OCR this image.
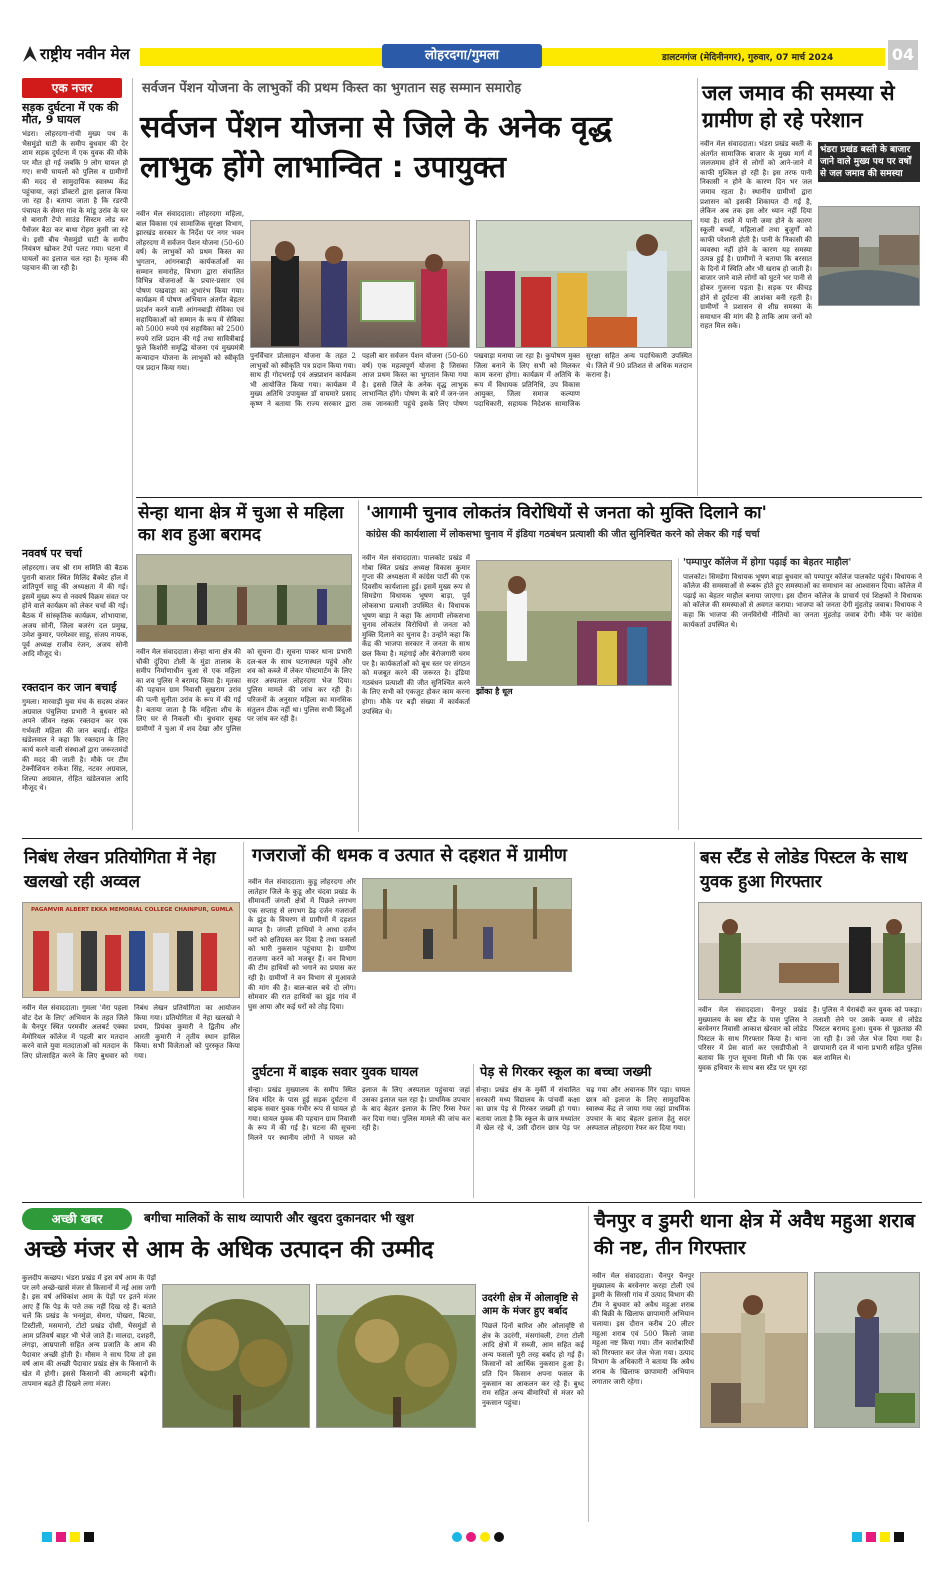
राष्ट्रीय नवीन मेल	लोहरदगा/गुमला	डालटनगंज (मेदिनीनगर), गुरुवार, 07 मार्च 2024	04
एक नजर
सड़क दुर्घटना में एक की मौत, 9 घायल
भंडरा। लोहरदगा-रांची मुख्य पथ के भैसमुंडो घाटी के समीप बुधवार की देर शाम सड़क दुर्घटना में एक युवक की मौके पर मौत हो गई जबकि 9 लोग घायल हो गए। सभी घायलों को पुलिस व ग्रामीणों की मदद से सामुदायिक स्वास्थ्य केंद्र पहुंचाया, जहां डॉक्टरों द्वारा इलाज किया जा रहा है। बताया जाता है कि रडरपी पंचायत के सेमरा गांव के मांडू उरांव के घर से बाराती टेंपो साउंड सिस्टम लोड कर पैसेंजर बैठा कर बाथा रोहरा कुसी जा रहे थे। इसी बीच भैसमुंडो घाटी के समीप नियंत्रण खोकर टेंपो पलट गया। घटना में घायलों का इलाज चल रहा है। मृतक की पहचान की जा रही है।
नववर्ष पर चर्चा
लोहरदगा। जय श्री राम समिति की बैठक पुरानी बाजार स्थित मिलिंद बैंक्वेट हॉल में शांतिपूर्ण साहू की अध्यक्षता में की गई। इसमें मुख्य रूप से नववर्ष विक्रम संवत पर होने वाले कार्यक्रम को लेकर चर्चा की गई। बैठक में सांस्कृतिक कार्यक्रम, शोभायात्रा, अजय सोनी, जिला बजरंग दल प्रमुख, उमेश कुमार, परमेश्वर साहू, संजय नायक, पूर्व अध्यक्ष राजीव रंजन, अजय सोनी आदि मौजूद थे।
रक्तदान कर जान बचाई
गुमला। मारवाड़ी युवा मंच के सदस्य शंकर अग्रवाल पंचुलिया प्रभारी ने बुधवार को अपने जीवन रक्षक रक्तदान कर एक गर्भवती महिला की जान बचाई। रोहित खंडेलवाल ने कहा कि रक्तदान के लिए कार्य करने वाली संस्थाओं द्वारा जरूरतमंदों की मदद की जाती है। मौके पर टीम टेक्नीशियन राकेश सिंह, नटवर अग्रवाल, शिल्पा अग्रवाल, रोहित खंडेलवाल आदि मौजूद थे।
सर्वजन पेंशन योजना के लाभुकों की प्रथम किस्त का भुगतान सह सम्मान समारोह
सर्वजन पेंशन योजना से जिले के अनेक वृद्ध लाभुक होंगे लाभान्वित : उपायुक्त
नवीन मेल संवाददाता। लोहरदगा महिला, बाल विकास एवं सामाजिक सुरक्षा विभाग, झारखंड सरकार के निर्देश पर नगर भवन लोहरदगा में सर्वजन पेंशन योजना (50-60 वर्ष) के लाभुकों को प्रथम किस्त का भुगतान, आंगनबाड़ी कार्यकर्ताओं का सम्मान समारोह, विभाग द्वारा संचालित विभिन्न योजनाओं के प्रचार-प्रसार एवं पोषण पखवाड़ा का शुभारंभ किया गया। कार्यक्रम में पोषण अभियान अंतर्गत बेहतर प्रदर्शन करने वाली आंगनबाड़ी सेविका एवं सहायिकाओं को सम्मान के रूप में सेविका को 5000 रुपये एवं सहायिका को 2500 रुपये राशि प्रदान की गई तथा सावित्रीबाई फुले किशोरी समृद्धि योजना एवं मुख्यमंत्री कन्यादान योजना के लाभुकों को स्वीकृति पत्र प्रदान किया गया।
पुनर्विचार प्रोत्साहन योजना के तहत 2 लाभुकों को स्वीकृति पत्र प्रदान किया गया। साथ ही गोदभराई एवं अन्नप्राशन कार्यक्रम भी आयोजित किया गया। कार्यक्रम में मुख्य अतिथि उपायुक्त डॉ वाघमारे प्रसाद कृष्ण ने बताया कि राज्य सरकार द्वारा पहली बार सर्वजन पेंशन योजना (50-60 वर्ष) एक महत्वपूर्ण योजना है जिसका आज प्रथम किस्त का भुगतान किया गया है। इससे जिले के अनेक वृद्ध लाभुक लाभान्वित होंगे। पोषण के बारे में जन-जन तक जानकारी पहुंचे इसके लिए पोषण पखवाड़ा मनाया जा रहा है। कुपोषण मुक्त जिला बनाने के लिए सभी को मिलकर काम करना होगा। कार्यक्रम में अतिथि के रूप में विधायक प्रतिनिधि, उप विकास आयुक्त, जिला समाज कल्याण पदाधिकारी, सहायक निदेशक सामाजिक सुरक्षा सहित अन्य पदाधिकारी उपस्थित थे। जिले में 90 प्रतिशत से अधिक मतदान कराना है।
जल जमाव की समस्या से ग्रामीण हो रहे परेशान
नवीन मेल संवाददाता। भंडरा प्रखंड बस्ती के अंतर्गत सामाजिक बाजार के मुख्य मार्ग में जलजमाव होने से लोगों को आने-जाने में काफी मुश्किल हो रही है। इस तरफ पानी निकासी न होने के कारण दिन भर जल जमाव रहता है। स्थानीय ग्रामीणों द्वारा प्रशासन को इसकी शिकायत दी गई है, लेकिन अब तक इस ओर ध्यान नहीं दिया गया है। रास्ते में पानी जमा होने के कारण स्कूली बच्चों, महिलाओं तथा बुजुर्गों को काफी परेशानी होती है। पानी के निकासी की व्यवस्था नहीं होने के कारण यह समस्या उत्पन्न हुई है। ग्रामीणों ने बताया कि बरसात के दिनों में स्थिति और भी खराब हो जाती है। बाजार जाने वाले लोगों को घुटने भर पानी से होकर गुजरना पड़ता है। सड़क पर कीचड़ होने से दुर्घटना की आशंका बनी रहती है। ग्रामीणों ने प्रशासन से शीघ्र समस्या के समाधान की मांग की है ताकि आम जनों को राहत मिल सके।
भंडरा प्रखंड बस्ती के बाजार जाने वाले मुख्य पथ पर वर्षों से जल जमाव की समस्या
सेन्हा थाना क्षेत्र में चुआ से महिला का शव हुआ बरामद
नवीन मेल संवाददाता। सेन्हा थाना क्षेत्र की चौकी दुंदिया टोली के मुंडा तालाब के समीप निर्माणाधीन चुआ से एक महिला का शव पुलिस ने बरामद किया है। मृतका की पहचान ग्राम निवासी सुखराम उरांव की पत्नी सुनीता उरांव के रूप में की गई है। बताया जाता है कि महिला शौच के लिए घर से निकली थी। बुधवार सुबह ग्रामीणों ने चुआ में शव देखा और पुलिस को सूचना दी। सूचना पाकर थाना प्रभारी दल-बल के साथ घटनास्थल पहुंचे और शव को कब्जे में लेकर पोस्टमार्टम के लिए सदर अस्पताल लोहरदगा भेज दिया। पुलिस मामले की जांच कर रही है। परिजनों के अनुसार महिला का मानसिक संतुलन ठीक नहीं था। पुलिस सभी बिंदुओं पर जांच कर रही है।
'आगामी चुनाव लोकतंत्र विरोधियों से जनता को मुक्ति दिलाने का'
कांग्रेस की कार्यशाला में लोकसभा चुनाव में इंडिया गठबंधन प्रत्याशी की जीत सुनिश्चित करने को लेकर की गई चर्चा
नवीन मेल संवाददाता। पालकोट प्रखंड में गोबा स्थित प्रखंड अध्यक्ष विकास कुमार गुप्ता की अध्यक्षता में कांग्रेस पार्टी की एक दिवसीय कार्यशाला हुई। इसमें मुख्य रूप से सिमडेगा विधायक भूषण बाड़ा, पूर्व लोकसभा प्रत्याशी उपस्थित थे। विधायक भूषण बाड़ा ने कहा कि आगामी लोकसभा चुनाव लोकतंत्र विरोधियों से जनता को मुक्ति दिलाने का चुनाव है। उन्होंने कहा कि केंद्र की भाजपा सरकार ने जनता के साथ छल किया है। महंगाई और बेरोजगारी चरम पर है। कार्यकर्ताओं को बूथ स्तर पर संगठन को मजबूत करने की जरूरत है। इंडिया गठबंधन प्रत्याशी की जीत सुनिश्चित करने के लिए सभी को एकजुट होकर काम करना होगा। मौके पर बड़ी संख्या में कार्यकर्ता उपस्थित थे।
झोंका है धूल
'पम्पापुर कॉलेज में होगा पढ़ाई का बेहतर माहौल'
पालकोट। सिमडेगा विधायक भूषण बाड़ा बुधवार को पम्पापुर कॉलेज पालकोट पहुंचे। विधायक ने कॉलेज की समस्याओं से रूबरू होते हुए समस्याओं का समाधान का आश्वासन दिया। कॉलेज में पढ़ाई का बेहतर माहौल बनाया जाएगा। इस दौरान कॉलेज के प्राचार्य एवं शिक्षकों ने विधायक को कॉलेज की समस्याओं से अवगत कराया। भाजपा को जनता देगी मुंहतोड़ जवाब। विधायक ने कहा कि भाजपा की जनविरोधी नीतियों का जनता मुंहतोड़ जवाब देगी। मौके पर कांग्रेस कार्यकर्ता उपस्थित थे।
निबंध लेखन प्रतियोगिता में नेहा खलखो रही अव्वल
PAGAMVIR ALBERT EKKA MEMORIAL COLLEGE CHAINPUR, GUMLA
नवीन मेल संवाददाता। गुमला 'मेरा पहला वोट देश के लिए' अभियान के तहत जिले के चैनपुर स्थित परमवीर अलबर्ट एक्का मेमोरियल कॉलेज में पहली बार मतदान करने वाले युवा मतदाताओं को मतदान के लिए प्रोत्साहित करने के लिए बुधवार को निबंध लेखन प्रतियोगिता का आयोजन किया गया। प्रतियोगिता में नेहा खलखो ने प्रथम, प्रियंका कुमारी ने द्वितीय और आरती कुमारी ने तृतीय स्थान हासिल किया। सभी विजेताओं को पुरस्कृत किया गया।
गजराजों की धमक व उत्पात से दहशत में ग्रामीण
नवीन मेल संवाददाता। कुडू लोहरदगा और लातेहार जिले के कुडू और चंदवा प्रखंड के सीमावर्ती जंगली क्षेत्रों में पिछले लगभग एक सप्ताह से लगभग डेढ़ दर्जन गजराजों के झुंड के विचरण से ग्रामीणों में दहशत व्याप्त है। जंगली हाथियों ने आधा दर्जन घरों को क्षतिग्रस्त कर दिया है तथा फसलों को भारी नुकसान पहुंचाया है। ग्रामीण रातजगा करने को मजबूर हैं। वन विभाग की टीम हाथियों को भगाने का प्रयास कर रही है। ग्रामीणों ने वन विभाग से मुआवजे की मांग की है। बाल-बाल बचे दो लोग। सोमवार की रात हाथियों का झुंड गांव में घुस आया और कई घरों को तोड़ दिया।
दुर्घटना में बाइक सवार युवक घायल
सेन्हा। प्रखंड मुख्यालय के समीप स्थित शिव मंदिर के पास हुई सड़क दुर्घटना में बाइक सवार युवक गंभीर रूप से घायल हो गया। घायल युवक की पहचान ग्राम निवासी के रूप में की गई है। घटना की सूचना मिलने पर स्थानीय लोगों ने घायल को इलाज के लिए अस्पताल पहुंचाया जहां उसका इलाज चल रहा है। प्राथमिक उपचार के बाद बेहतर इलाज के लिए रिम्स रेफर कर दिया गया। पुलिस मामले की जांच कर रही है।
पेड़ से गिरकर स्कूल का बच्चा जख्मी
सेन्हा। प्रखंड क्षेत्र के मुर्की में संचालित सरकारी मध्य विद्यालय के पांचवीं कक्षा का छात्र पेड़ से गिरकर जख्मी हो गया। बताया जाता है कि स्कूल के छात्र मध्यांतर में खेल रहे थे, उसी दौरान छात्र पेड़ पर चढ़ गया और अचानक गिर पड़ा। घायल छात्र को इलाज के लिए सामुदायिक स्वास्थ्य केंद्र ले जाया गया जहां प्राथमिक उपचार के बाद बेहतर इलाज हेतु सदर अस्पताल लोहरदगा रेफर कर दिया गया।
बस स्टैंड से लोडेड पिस्टल के साथ युवक हुआ गिरफ्तार
नवीन मेल संवाददाता। चैनपुर प्रखंड मुख्यालय के बस स्टैंड के पास पुलिस ने बरवेनगर निवासी आकाश खेरवार को लोडेड पिस्टल के साथ गिरफ्तार किया है। थाना परिसर में प्रेस वार्ता कर एसडीपीओ ने बताया कि गुप्त सूचना मिली थी कि एक युवक हथियार के साथ बस स्टैंड पर घूम रहा है। पुलिस ने घेराबंदी कर युवक को पकड़ा। तलाशी लेने पर उसके कमर से लोडेड पिस्टल बरामद हुआ। युवक से पूछताछ की जा रही है। उसे जेल भेज दिया गया है। छापामारी दल में थाना प्रभारी सहित पुलिस बल शामिल थे।
अच्छी खबर	बगीचा मालिकों के साथ व्यापारी और खुदरा दुकानदार भी खुश
अच्छे मंजर से आम के अधिक उत्पादन की उम्मीद
कुलदीप कच्छप। भंडरा प्रखंड में इस वर्ष आम के पेड़ों पर लगे अच्छे-खासे मंजर से किसानों में नई आस जगी है। इस वर्ष अधिकांश आम के पेड़ों पर इतने मंजर आए हैं कि पेड़ के पत्ते तक नहीं दिख रहे हैं। बताते चलें कि प्रखंड के भनमुंडा, सेमरा, पोखरा, बिटवा, टिस्टीली, मसमानो, टोटो प्रखंड दोसी, भैसमुंडों से आम प्रतिवर्ष बाहर भी भेजे जाते हैं। मालदा, दशहरी, लंगड़ा, आम्रपाली सहित अन्य प्रजाति के आम की पैदावार अच्छी होती है। मौसम ने साथ दिया तो इस वर्ष आम की अच्छी पैदावार प्रखंड क्षेत्र के किसानों के खेत में होगी। इससे किसानों की आमदनी बढ़ेगी। तापमान बढ़ते ही दिखने लगा मंजर।
उदरंगी क्षेत्र में ओलावृष्टि से आम के मंजर हुए बर्बाद
पिछले दिनों बारिश और ओलावृष्टि से क्षेत्र के उदरंगी, मंसगांवली, टंगरा टोली आदि क्षेत्रों में सब्जी, आम सहित कई अन्य फसलों पूरी तरह बर्बाद हो गई हैं। किसानों को आर्थिक नुकसान हुआ है। प्रति दिन किसान अपना फसल के नुकसान का आकलन कर रहे हैं। बुध्द राम सहित अन्य बीमारियों से मंजर को नुकसान पहुंचा।
चैनपुर व डुमरी थाना क्षेत्र में अवैध महुआ शराब की नष्ट, तीन गिरफ्तार
नवीन मेल संवाददाता। चैनपुर चैनपुर मुख्यालय के बरवेनगर करहा टोली एवं डुमरी के सिरसी गांव में उत्पाद विभाग की टीम ने बुधवार को अवैध महुआ शराब की बिक्री के खिलाफ छापामारी अभियान चलाया। इस दौरान करीब 20 लीटर महुआ शराब एवं 500 किलो जावा महुआ नष्ट किया गया। तीन कारोबारियों को गिरफ्तार कर जेल भेजा गया। उत्पाद विभाग के अधिकारी ने बताया कि अवैध शराब के खिलाफ छापामारी अभियान लगातार जारी रहेगा।
